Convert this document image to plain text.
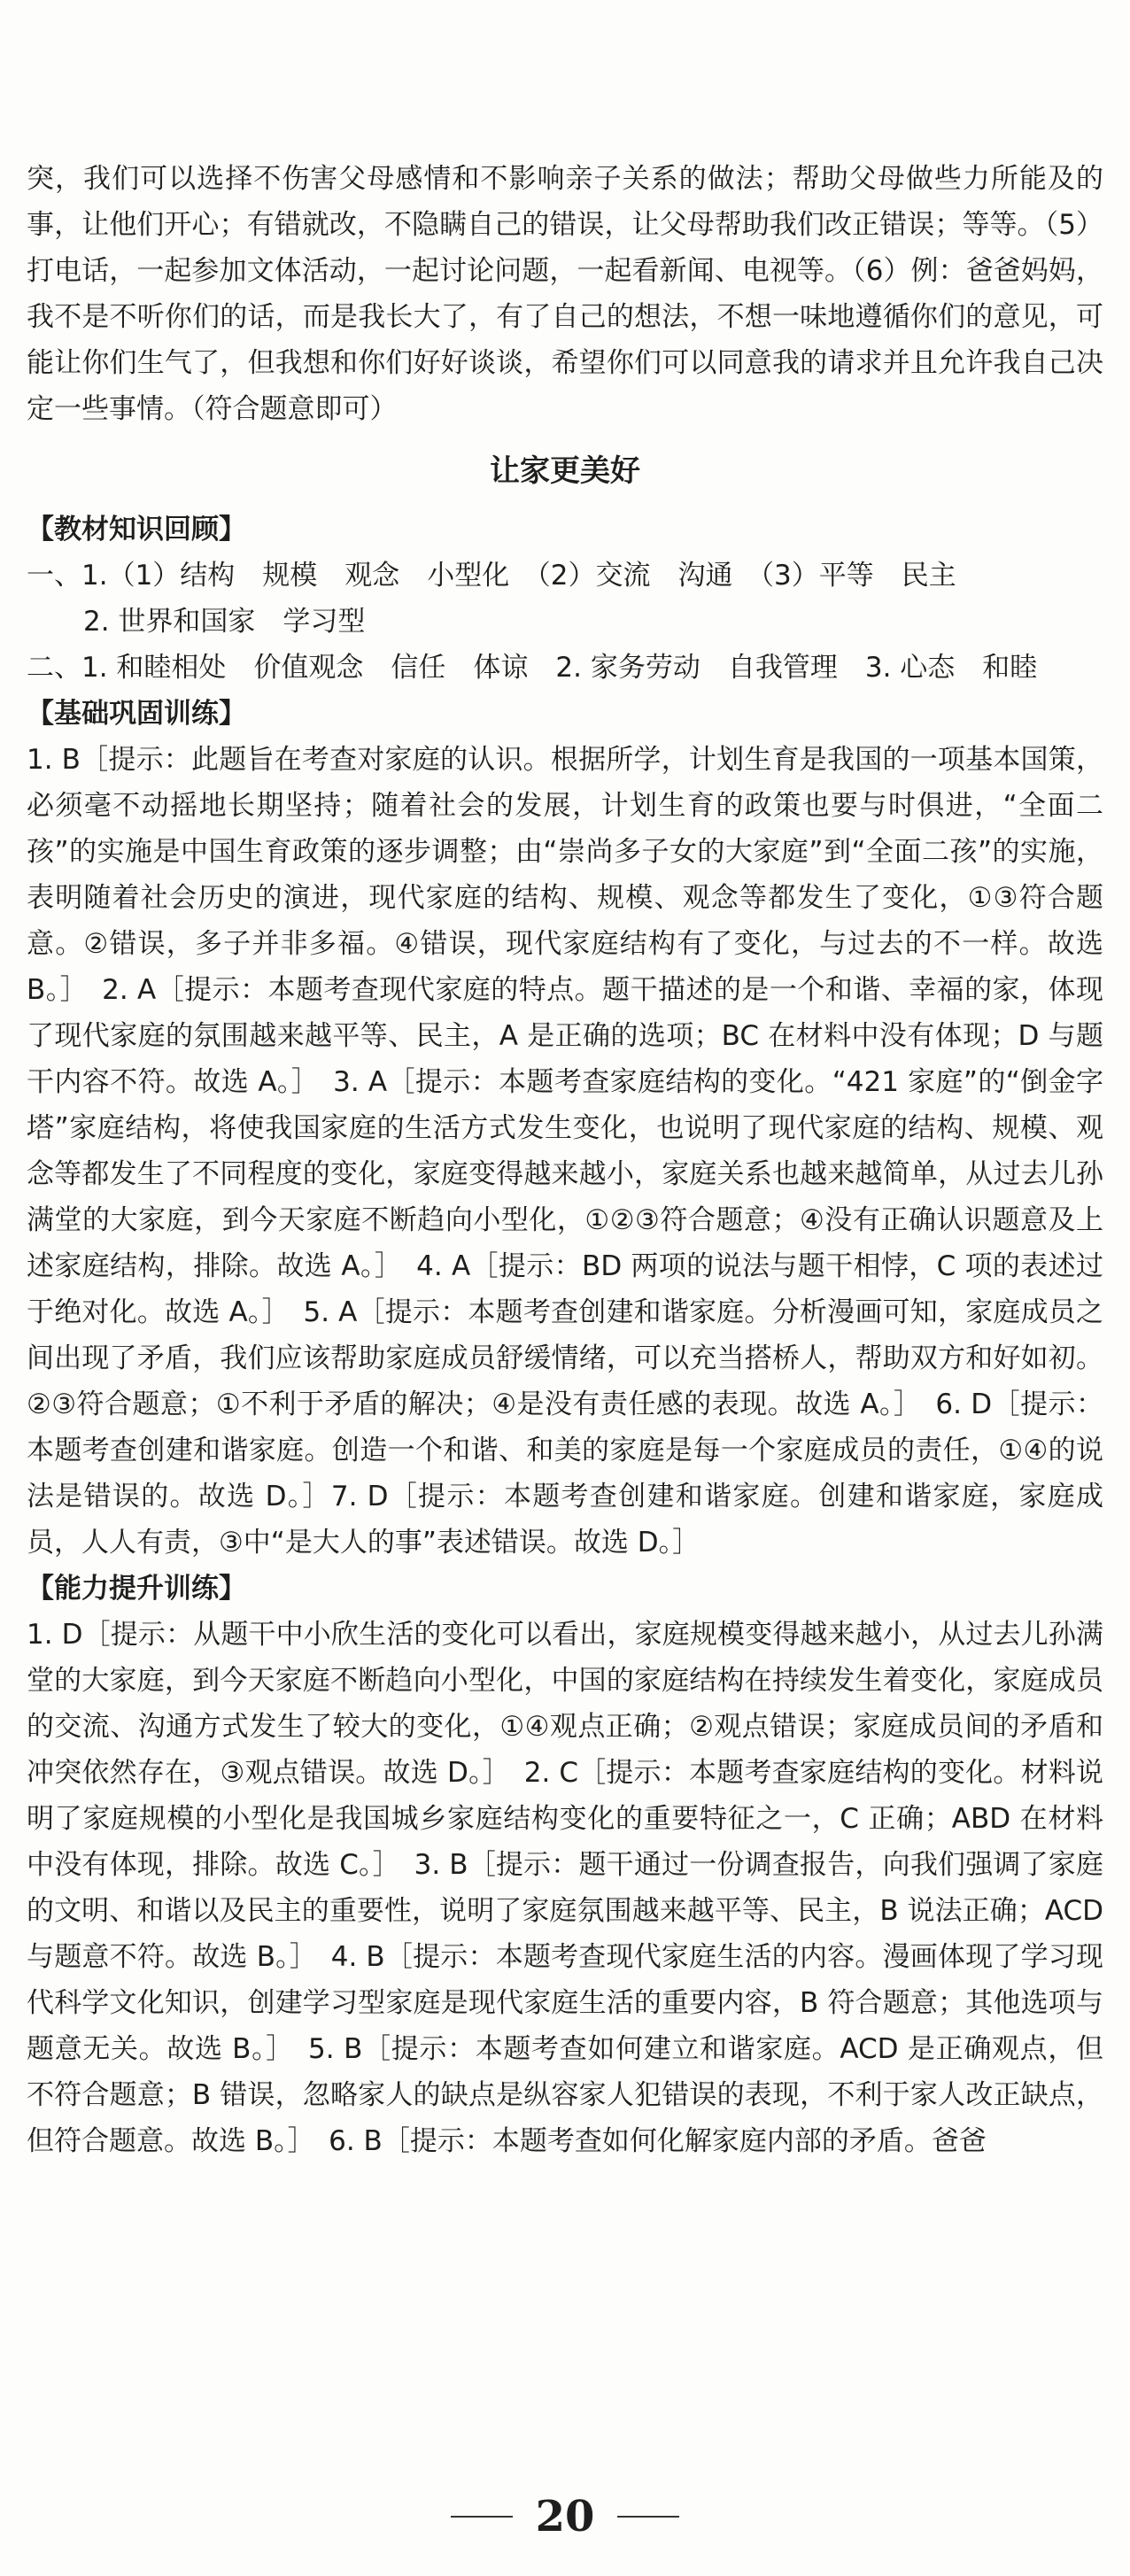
突，我们可以选择不伤害父母感情和不影响亲子关系的做法；帮助父母做些力所能及的事，让他们开心；有错就改，不隐瞒自己的错误，让父母帮助我们改正错误；等等。（5）打电话，一起参加文体活动，一起讨论问题，一起看新闻、电视等。（6）例：爸爸妈妈，我不是不听你们的话，而是我长大了，有了自己的想法，不想一味地遵循你们的意见，可能让你们生气了，但我想和你们好好谈谈，希望你们可以同意我的请求并且允许我自己决定一些事情。（符合题意即可）

让家更美好

【教材知识回顾】

一、1.（1）结构　规模　观念　小型化　（2）交流　沟通　（3）平等　民主

2. 世界和国家　学习型

二、1. 和睦相处　价值观念　信任　体谅　2. 家务劳动　自我管理　3. 心态　和睦

【基础巩固训练】

1. B［提示：此题旨在考查对家庭的认识。根据所学，计划生育是我国的一项基本国策，必须毫不动摇地长期坚持；随着社会的发展，计划生育的政策也要与时俱进，“全面二孩”的实施是中国生育政策的逐步调整；由“崇尚多子女的大家庭”到“全面二孩”的实施，表明随着社会历史的演进，现代家庭的结构、规模、观念等都发生了变化，①③符合题意。②错误，多子并非多福。④错误，现代家庭结构有了变化，与过去的不一样。故选 B。］　2. A［提示：本题考查现代家庭的特点。题干描述的是一个和谐、幸福的家，体现了现代家庭的氛围越来越平等、民主，A 是正确的选项；BC 在材料中没有体现；D 与题干内容不符。故选 A。］　3. A［提示：本题考查家庭结构的变化。“421 家庭”的“倒金字塔”家庭结构，将使我国家庭的生活方式发生变化，也说明了现代家庭的结构、规模、观念等都发生了不同程度的变化，家庭变得越来越小，家庭关系也越来越简单，从过去儿孙满堂的大家庭，到今天家庭不断趋向小型化，①②③符合题意；④没有正确认识题意及上述家庭结构，排除。故选 A。］　4. A［提示：BD 两项的说法与题干相悖，C 项的表述过于绝对化。故选 A。］　5. A［提示：本题考查创建和谐家庭。分析漫画可知，家庭成员之间出现了矛盾，我们应该帮助家庭成员舒缓情绪，可以充当搭桥人，帮助双方和好如初。②③符合题意；①不利于矛盾的解决；④是没有责任感的表现。故选 A。］　6. D［提示：本题考查创建和谐家庭。创造一个和谐、和美的家庭是每一个家庭成员的责任，①④的说法是错误的。故选 D。］7. D［提示：本题考查创建和谐家庭。创建和谐家庭，家庭成员，人人有责，③中“是大人的事”表述错误。故选 D。］

【能力提升训练】

1. D［提示：从题干中小欣生活的变化可以看出，家庭规模变得越来越小，从过去儿孙满堂的大家庭，到今天家庭不断趋向小型化，中国的家庭结构在持续发生着变化，家庭成员的交流、沟通方式发生了较大的变化，①④观点正确；②观点错误；家庭成员间的矛盾和冲突依然存在，③观点错误。故选 D。］　2. C［提示：本题考查家庭结构的变化。材料说明了家庭规模的小型化是我国城乡家庭结构变化的重要特征之一，C 正确；ABD 在材料中没有体现，排除。故选 C。］　3. B［提示：题干通过一份调查报告，向我们强调了家庭的文明、和谐以及民主的重要性，说明了家庭氛围越来越平等、民主，B 说法正确；ACD 与题意不符。故选 B。］　4. B［提示：本题考查现代家庭生活的内容。漫画体现了学习现代科学文化知识，创建学习型家庭是现代家庭生活的重要内容，B 符合题意；其他选项与题意无关。故选 B。］　5. B［提示：本题考查如何建立和谐家庭。ACD 是正确观点，但不符合题意；B 错误，忽略家人的缺点是纵容家人犯错误的表现，不利于家人改正缺点，但符合题意。故选 B。］　6. B［提示：本题考查如何化解家庭内部的矛盾。爸爸

20
